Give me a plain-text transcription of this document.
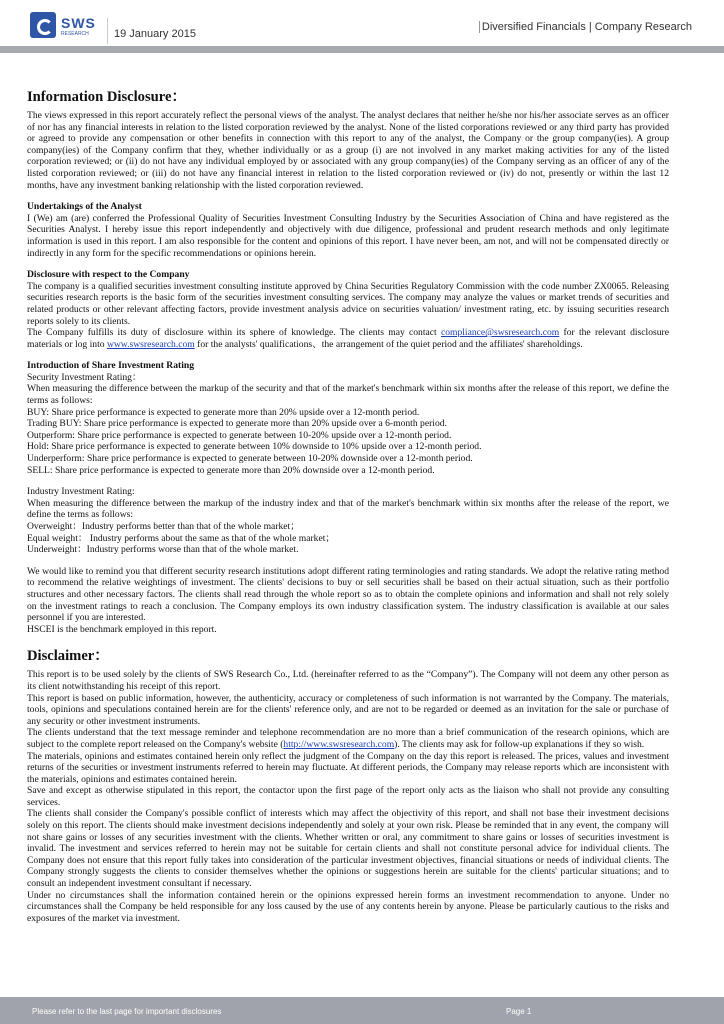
SWS
RESEARCH 19 January 2015
Diversified Financials | Company Research
Information Disclosure：

The views expressed in this report accurately reflect the personal views of the analyst. The analyst declares that neither he/she nor his/her associate serves as an officer of nor has any financial interests in relation to the listed corporation reviewed by the analyst. None of the listed corporations reviewed or any third party has provided or agreed to provide any compensation or other benefits in connection with this report to any of the analyst, the Company or the group company(ies). A group company(ies) of the Company confirm that they, whether individually or as a group (i) are not involved in any market making activities for any of the listed corporation reviewed; or (ii) do not have any individual employed by or associated with any group company(ies) of the Company serving as an officer of any of the listed corporation reviewed; or (iii) do not have any financial interest in relation to the listed corporation reviewed or (iv) do not, presently or within the last 12 months, have any investment banking relationship with the listed corporation reviewed.

Undertakings of the Analyst

I (We) am (are) conferred the Professional Quality of Securities Investment Consulting Industry by the Securities Association of China and have registered as the Securities Analyst. I hereby issue this report independently and objectively with due diligence, professional and prudent research methods and only legitimate information is used in this report. I am also responsible for the content and opinions of this report. I have never been, am not, and will not be compensated directly or indirectly in any form for the specific recommendations or opinions herein.

Disclosure with respect to the Company

The company is a qualified securities investment consulting institute approved by China Securities Regulatory Commission with the code number ZX0065. Releasing securities research reports is the basic form of the securities investment consulting services. The company may analyze the values or market trends of securities and related products or other relevant affecting factors, provide investment analysis advice on securities valuation/ investment rating, etc. by issuing securities research reports solely to its clients.

The Company fulfills its duty of disclosure within its sphere of knowledge. The clients may contact compliance@swsresearch.com for the relevant disclosure materials or log into www.swsresearch.com for the analysts' qualifications、the arrangement of the quiet period and the affiliates' shareholdings.

Introduction of Share Investment Rating

Security Investment Rating：

When measuring the difference between the markup of the security and that of the market's benchmark within six months after the release of this report, we define the terms as follows:

BUY: Share price performance is expected to generate more than 20% upside over a 12-month period.

Trading BUY: Share price performance is expected to generate more than 20% upside over a 6-month period.

Outperform: Share price performance is expected to generate between 10-20% upside over a 12-month period.

Hold: Share price performance is expected to generate between 10% downside to 10% upside over a 12-month period.

Underperform: Share price performance is expected to generate between 10-20% downside over a 12-month period.

SELL: Share price performance is expected to generate more than 20% downside over a 12-month period.

Industry Investment Rating:

When measuring the difference between the markup of the industry index and that of the market's benchmark within six months after the release of the report, we define the terms as follows:

Overweight：Industry performs better than that of the whole market；

Equal weight： Industry performs about the same as that of the whole market；

Underweight：Industry performs worse than that of the whole market.

We would like to remind you that different security research institutions adopt different rating terminologies and rating standards. We adopt the relative rating method to recommend the relative weightings of investment. The clients' decisions to buy or sell securities shall be based on their actual situation, such as their portfolio structures and other necessary factors. The clients shall read through the whole report so as to obtain the complete opinions and information and shall not rely solely on the investment ratings to reach a conclusion. The Company employs its own industry classification system. The industry classification is available at our sales personnel if you are interested.

HSCEI is the benchmark employed in this report.

Disclaimer：

This report is to be used solely by the clients of SWS Research Co., Ltd. (hereinafter referred to as the “Company”). The Company will not deem any other person as its client notwithstanding his receipt of this report.

This report is based on public information, however, the authenticity, accuracy or completeness of such information is not warranted by the Company. The materials, tools, opinions and speculations contained herein are for the clients' reference only, and are not to be regarded or deemed as an invitation for the sale or purchase of any security or other investment instruments.

The clients understand that the text message reminder and telephone recommendation are no more than a brief communication of the research opinions, which are subject to the complete report released on the Company's website (http://www.swsresearch.com). The clients may ask for follow-up explanations if they so wish.

The materials, opinions and estimates contained herein only reflect the judgment of the Company on the day this report is released. The prices, values and investment returns of the securities or investment instruments referred to herein may fluctuate. At different periods, the Company may release reports which are inconsistent with the materials, opinions and estimates contained herein.

Save and except as otherwise stipulated in this report, the contactor upon the first page of the report only acts as the liaison who shall not provide any consulting services.

The clients shall consider the Company's possible conflict of interests which may affect the objectivity of this report, and shall not base their investment decisions solely on this report. The clients should make investment decisions independently and solely at your own risk. Please be reminded that in any event, the company will not share gains or losses of any securities investment with the clients. Whether written or oral, any commitment to share gains or losses of securities investment is invalid. The investment and services referred to herein may not be suitable for certain clients and shall not constitute personal advice for individual clients. The Company does not ensure that this report fully takes into consideration of the particular investment objectives, financial situations or needs of individual clients. The Company strongly suggests the clients to consider themselves whether the opinions or suggestions herein are suitable for the clients' particular situations; and to consult an independent investment consultant if necessary.

Under no circumstances shall the information contained herein or the opinions expressed herein forms an investment recommendation to anyone. Under no circumstances shall the Company be held responsible for any loss caused by the use of any contents herein by anyone. Please be particularly cautious to the risks and exposures of the market via investment.

Please refer to the last page for important disclosures	Page 1
